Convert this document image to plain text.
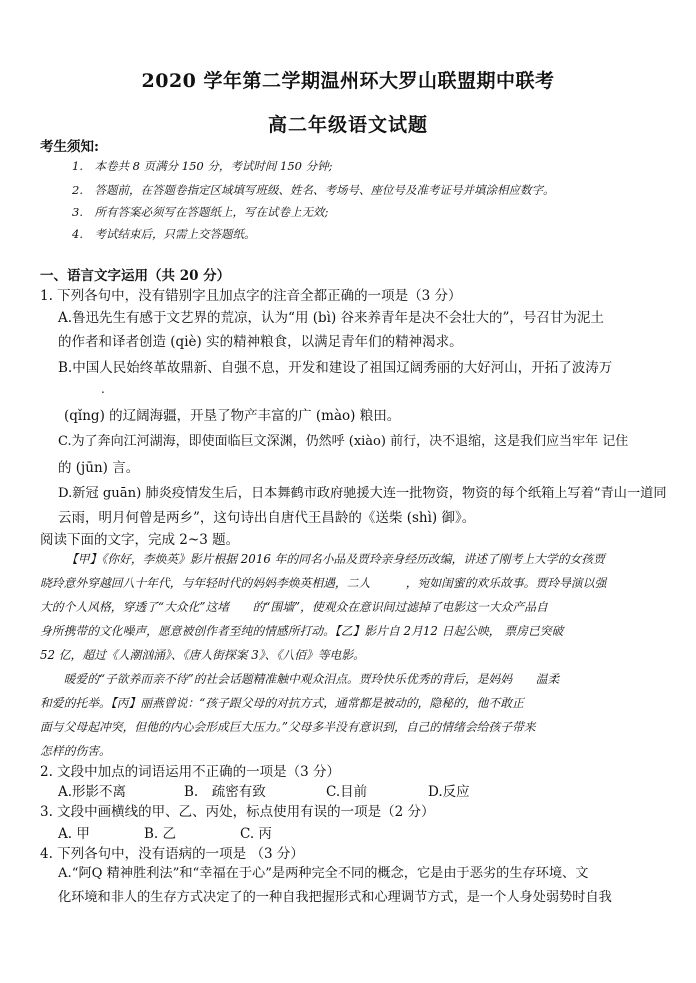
2020 学年第二学期温州环大罗山联盟期中联考
高二年级语文试题
考生须知:
1.　本卷共 8 页满分 150 分，考试时间 150 分钟;
2.　答题前，在答题卷指定区域填写班级、姓名、考场号、座位号及准考证号并填涂相应数字。
3.　所有答案必须写在答题纸上，写在试卷上无效;
4.　考试结束后，只需上交答题纸。
一、语言文字运用（共 20 分）
1. 下列各句中，没有错别字且加点字的注音全都正确的一项是（3 分）
A.鲁迅先生有感于文艺界的荒凉，认为“用 (bì) 谷来养青年是决不会壮大的”，号召甘为泥土
的作者和译者创造 (qiè) 实的精神粮食，以满足青年们的精神渴求。
B.中国人民始终革故鼎新、自强不息，开发和建设了祖国辽阔秀丽的大好河山，开拓了波涛万
.
(qǐng) 的辽阔海疆，开垦了物产丰富的广 (mào) 粮田。
C.为了奔向江河湖海，即使面临巨文深渊，仍然呼 (xiào) 前行，决不退缩，这是我们应当牢年 记住
的 (jūn) 言。
D.新冠 guān) 肺炎疫情发生后，日本舞鹤市政府驰援大连一批物资，物资的每个纸箱上写着“青山一道同
云雨，明月何曾是两乡”，这句诗出自唐代王昌龄的《送柴 (shì) 御》。
阅读下面的文字，完成 2~3 题。
【甲】《你好，李焕英》影片根据 2016 年的同名小品及贾玲亲身经历改编，讲述了刚考上大学的女孩贾
晓玲意外穿越回八十年代，与年轻时代的妈妈李焕英相遇，二人　　　，宛如闺蜜的欢乐故事。贾玲导演以强
大的个人风格，穿透了“大众化”这堵　　的“围墙”，使观众在意识间过滤掉了电影这一大众产品自
身所携带的文化噪声，愿意被创作者至纯的情感所打动。【乙】影片自 2月12 日起公映， 票房已突破
52 亿，超过《人潮汹涌》、《唐人街探案 3》、《八佰》等电影。
　　暖爱的“子欲养而亲不待”的社会话题精准触中观众泪点。贾玲快乐优秀的背后，是妈妈　　温柔
和爱的托举。【丙】丽燕曾说：“孩子跟父母的对抗方式，通常都是被动的，隐秘的，他不敢正
面与父母起冲突，但他的内心会形成巨大压力。”父母多半没有意识到，自己的情绪会给孩子带来
怎样的伤害。
2. 文段中加点的词语运用不正确的一项是（3 分）
A.形影不离	B.　疏密有致	C.目前	D.反应
3. 文段中画横线的甲、乙、丙处，标点使用有误的一项是（2 分）
A. 甲	B. 乙	C. 丙
4. 下列各句中，没有语病的一项是 （3 分）
A.“阿Q 精神胜利法”和“幸福在于心”是两种完全不同的概念，它是由于恶劣的生存环境、文
化环境和非人的生存方式决定了的一种自我把握形式和心理调节方式，是一个人身处弱势时自我
